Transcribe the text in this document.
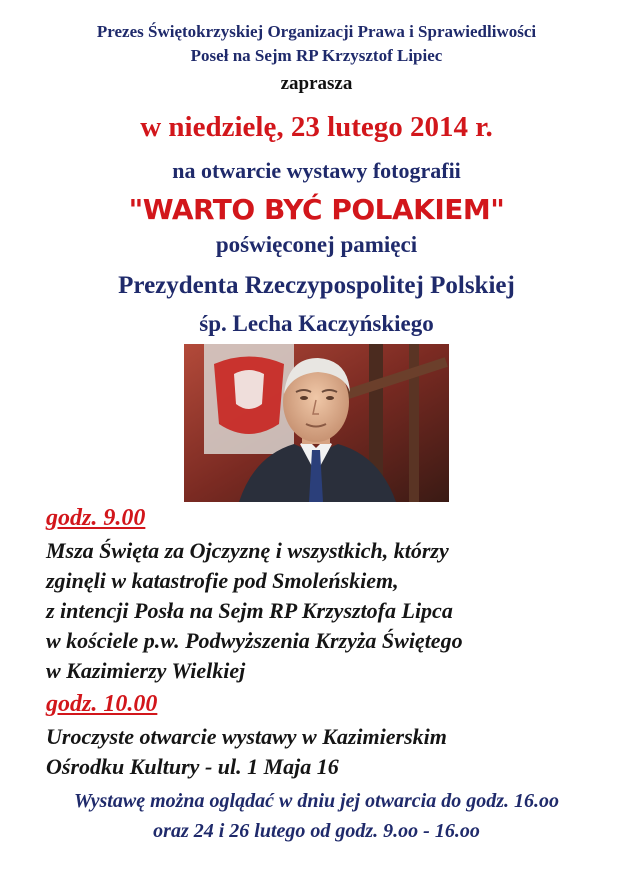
Prezes Świętokrzyskiej Organizacji Prawa i Sprawiedliwości
Poseł na Sejm RP Krzysztof Lipiec
zaprasza
w niedzielę, 23 lutego 2014 r.
na otwarcie wystawy fotografii
"WARTO BYĆ POLAKIEM"
poświęconej pamięci
Prezydenta Rzeczypospolitej Polskiej
śp. Lecha Kaczyńskiego
godz. 9.00
Msza Święta za Ojczyznę i wszystkich, którzy
zginęli w katastrofie pod Smoleńskiem,
z intencji Posła na Sejm RP Krzysztofa Lipca
w kościele p.w. Podwyższenia Krzyża Świętego
w Kazimierzy Wielkiej
godz. 10.00
Uroczyste otwarcie wystawy w Kazimierskim
Ośrodku Kultury - ul. 1 Maja 16
Wystawę można oglądać w dniu jej otwarcia do godz. 16.oo
oraz 24 i 26 lutego od godz. 9.oo - 16.oo
